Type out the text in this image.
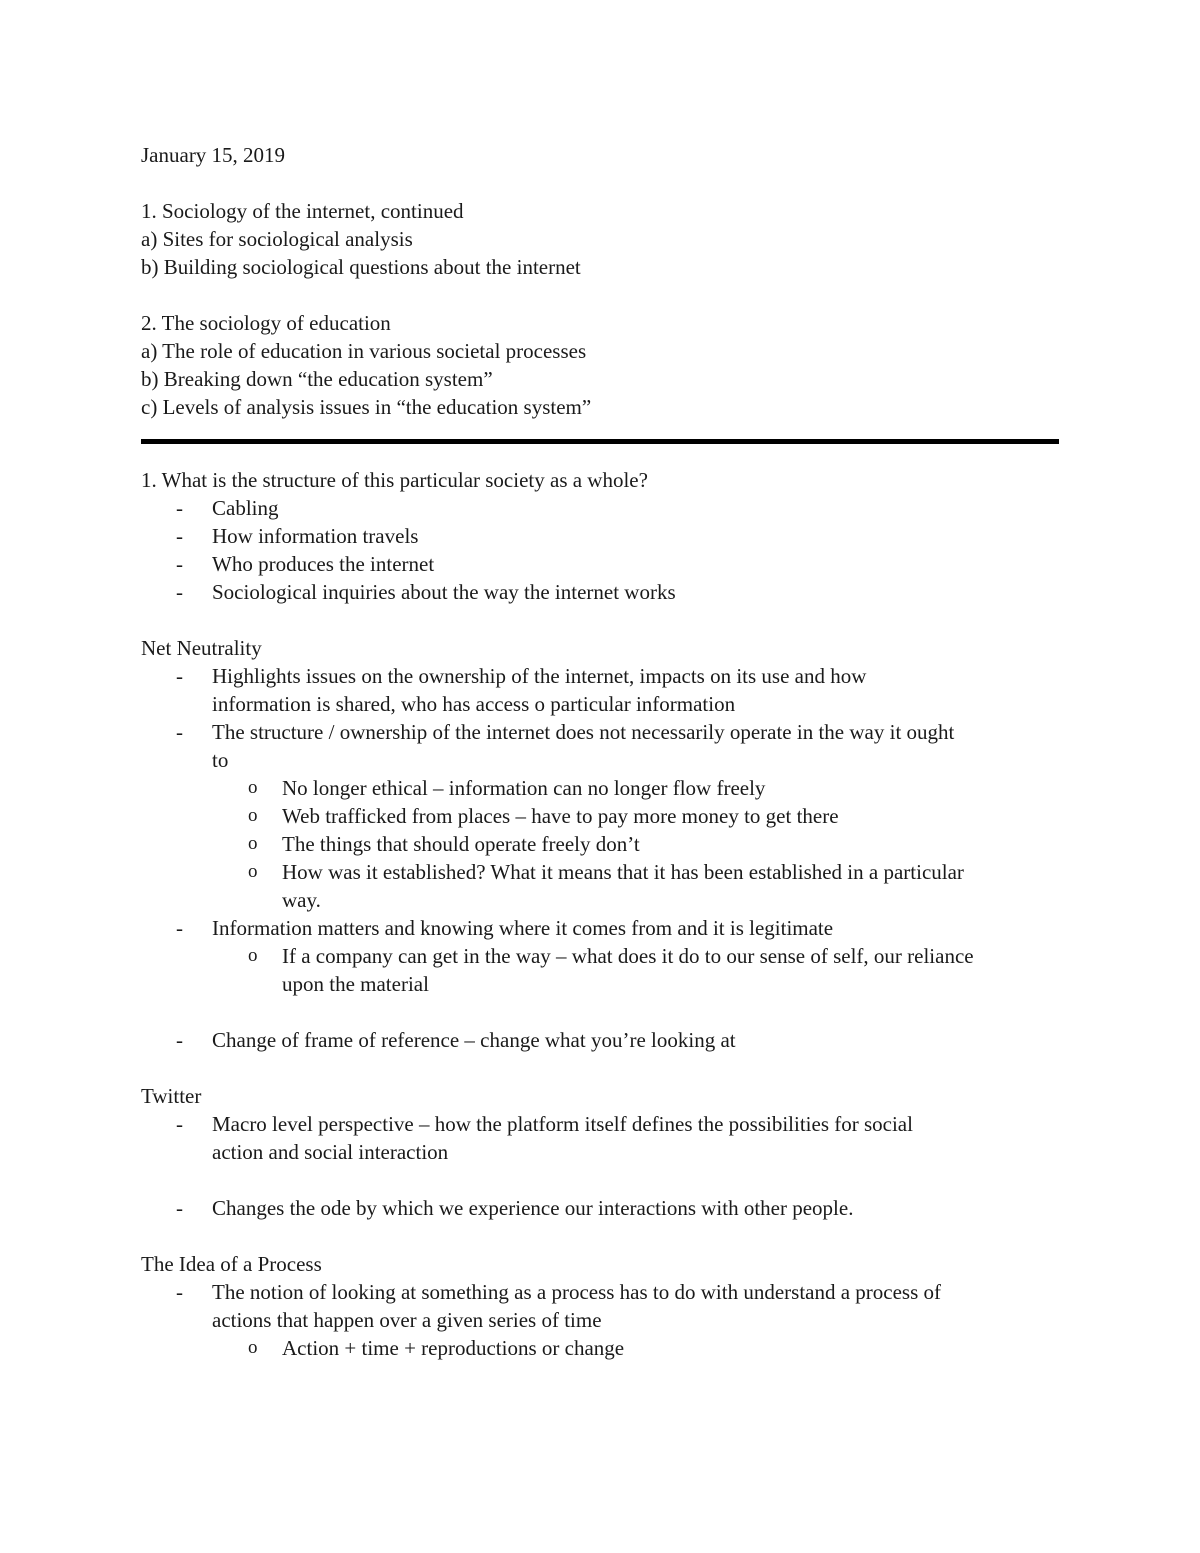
January 15, 2019
1. Sociology of the internet, continued
a) Sites for sociological analysis
b) Building sociological questions about the internet
2. The sociology of education
a) The role of education in various societal processes
b) Breaking down “the education system”
c) Levels of analysis issues in “the education system”
1. What is the structure of this particular society as a whole?
- Cabling
- How information travels
- Who produces the internet
- Sociological inquiries about the way the internet works
Net Neutrality
- Highlights issues on the ownership of the internet, impacts on its use and how
information is shared, who has access o particular information
- The structure / ownership of the internet does not necessarily operate in the way it ought
to
o No longer ethical – information can no longer flow freely
o Web trafficked from places – have to pay more money to get there
o The things that should operate freely don’t
o How was it established? What it means that it has been established in a particular
way.
- Information matters and knowing where it comes from and it is legitimate
o If a company can get in the way – what does it do to our sense of self, our reliance
upon the material
- Change of frame of reference – change what you’re looking at
Twitter
- Macro level perspective – how the platform itself defines the possibilities for social
action and social interaction
- Changes the ode by which we experience our interactions with other people.
The Idea of a Process
- The notion of looking at something as a process has to do with understand a process of
actions that happen over a given series of time
o Action + time + reproductions or change
